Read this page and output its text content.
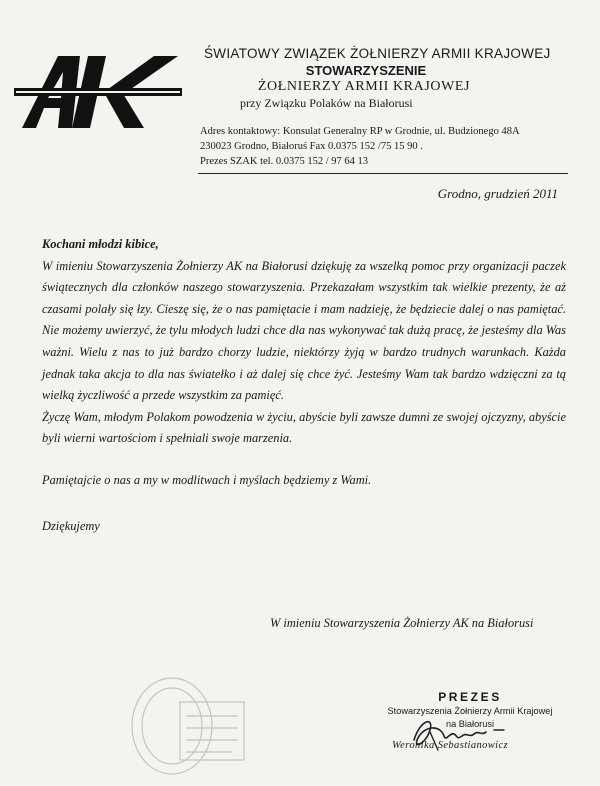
ŚWIATOWY ZWIĄZEK ŻOŁNIERZY ARMII KRAJOWEJ
STOWARZYSZENIE
ŻOŁNIERZY ARMII KRAJOWEJ
przy Związku Polaków na Białorusi
Adres kontaktowy: Konsulat Generalny RP w Grodnie, ul. Budzionego 48A
230023 Grodno, Białoruś Fax 0.0375 152 /75 15 90 .
Prezes SZAK tel. 0.0375 152 / 97 64 13
Grodno, grudzień 2011
Kochani młodzi kibice,
W imieniu Stowarzyszenia Żołnierzy AK na Białorusi dziękuję za wszelką pomoc przy organizacji paczek świątecznych dla członków naszego stowarzyszenia. Przekazałam wszystkim tak wielkie prezenty, że aż czasami polały się łzy. Cieszę się, że o nas pamiętacie i mam nadzieję, że będziecie dalej o nas pamiętać. Nie możemy uwierzyć, że tylu młodych ludzi chce dla nas wykonywać tak dużą pracę, że jesteśmy dla Was ważni. Wielu z nas to już bardzo chorzy ludzie, niektórzy żyją w bardzo trudnych warunkach. Każda jednak taka akcja to dla nas światełko i aż dalej się chce żyć. Jesteśmy Wam tak bardzo wdzięczni za tą wielką życzliwość a przede wszystkim za pamięć.
Życzę Wam, młodym Polakom powodzenia w życiu, abyście byli zawsze dumni ze swojej ojczyzny, abyście byli wierni wartościom i spełniali swoje marzenia.
Pamiętajcie o nas a my w modlitwach i myślach będziemy z Wami.
Dziękujemy
W imieniu Stowarzyszenia Żołnierzy AK na Białorusi
PREZES
Stowarzyszenia Żołnierzy Armii Krajowej
na Białorusi
Weronika Sebastianowicz
